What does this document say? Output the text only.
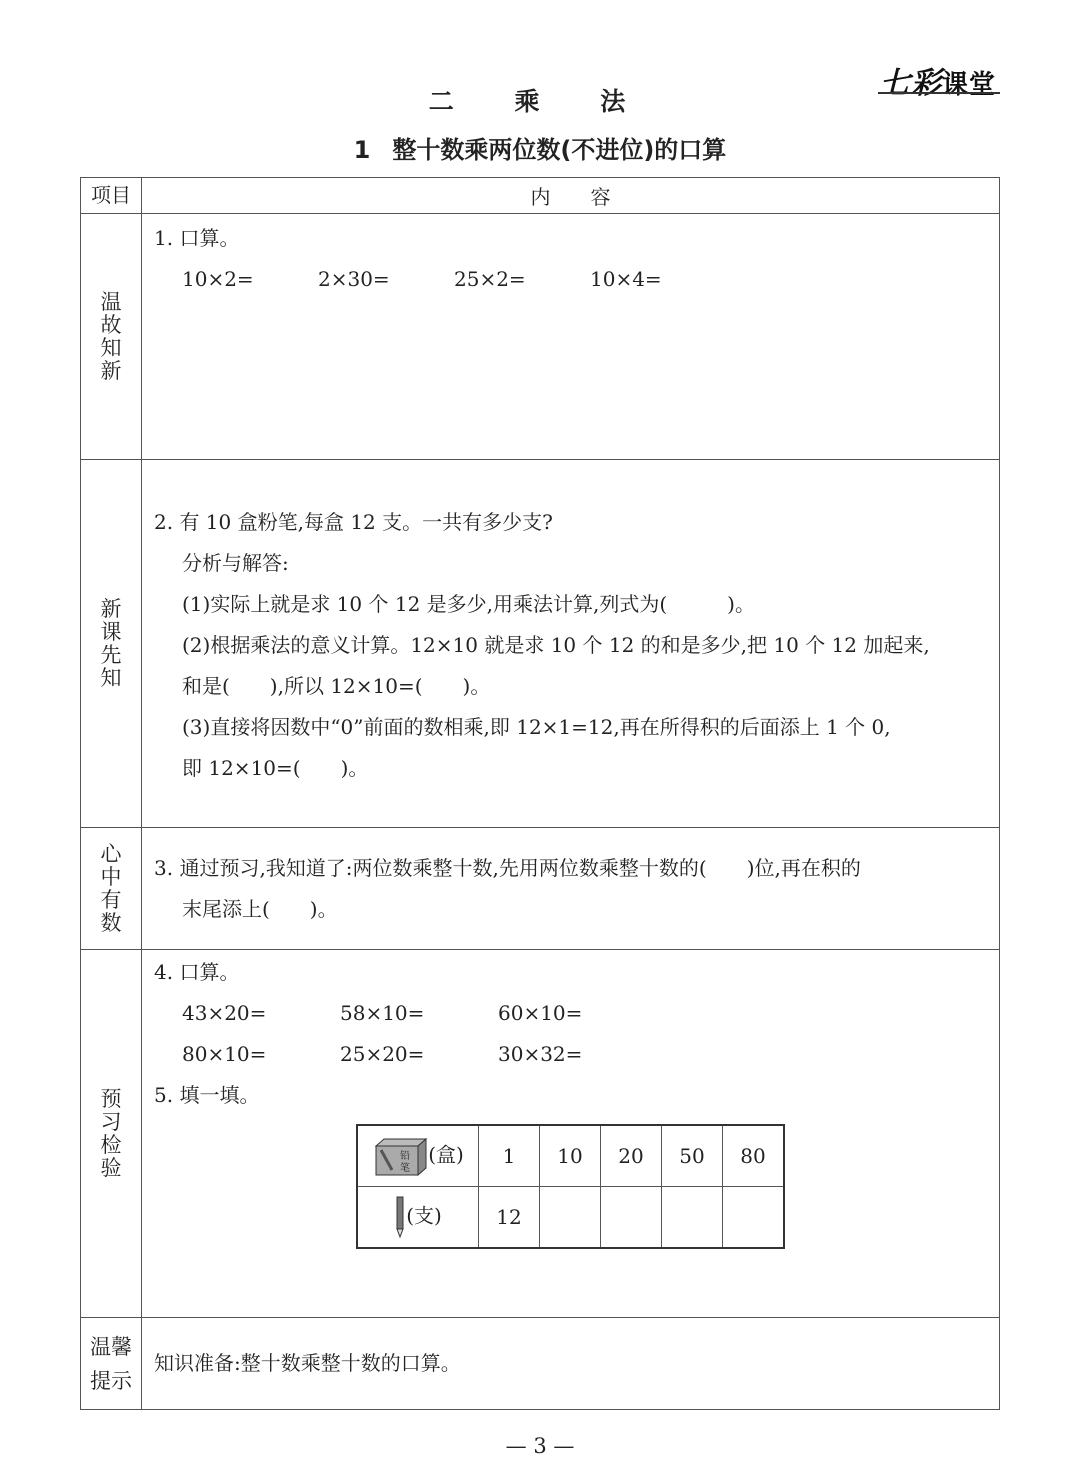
七彩课堂
二 乘 法
1 整十数乘两位数(不进位)的口算
项目	内　　容

温故知新

1. 口算。
10×2=	2×30=	25×2=	10×4=

新课先知

2. 有 10 盒粉笔,每盒 12 支。一共有多少支?
分析与解答:
(1)实际上就是求 10 个 12 是多少,用乘法计算,列式为(　　　)。
(2)根据乘法的意义计算。12×10 就是求 10 个 12 的和是多少,把 10 个 12 加起来,
和是(　　),所以 12×10=(　　)。
(3)直接将因数中“0”前面的数相乘,即 12×1=12,再在所得积的后面添上 1 个 0,
即 12×10=(　　)。

心中有数

3. 通过预习,我知道了:两位数乘整十数,先用两位数乘整十数的(　　)位,再在积的
末尾添上(　　)。

预习检验

4. 口算。
43×20=	58×10=	60×10=
80×10=	25×20=	30×32=
5. 填一填。
铅
笔
(盒)	1	10	20	50	80
(支)	12				

温馨
提示

知识准备:整十数乘整十数的口算。
— 3 —
